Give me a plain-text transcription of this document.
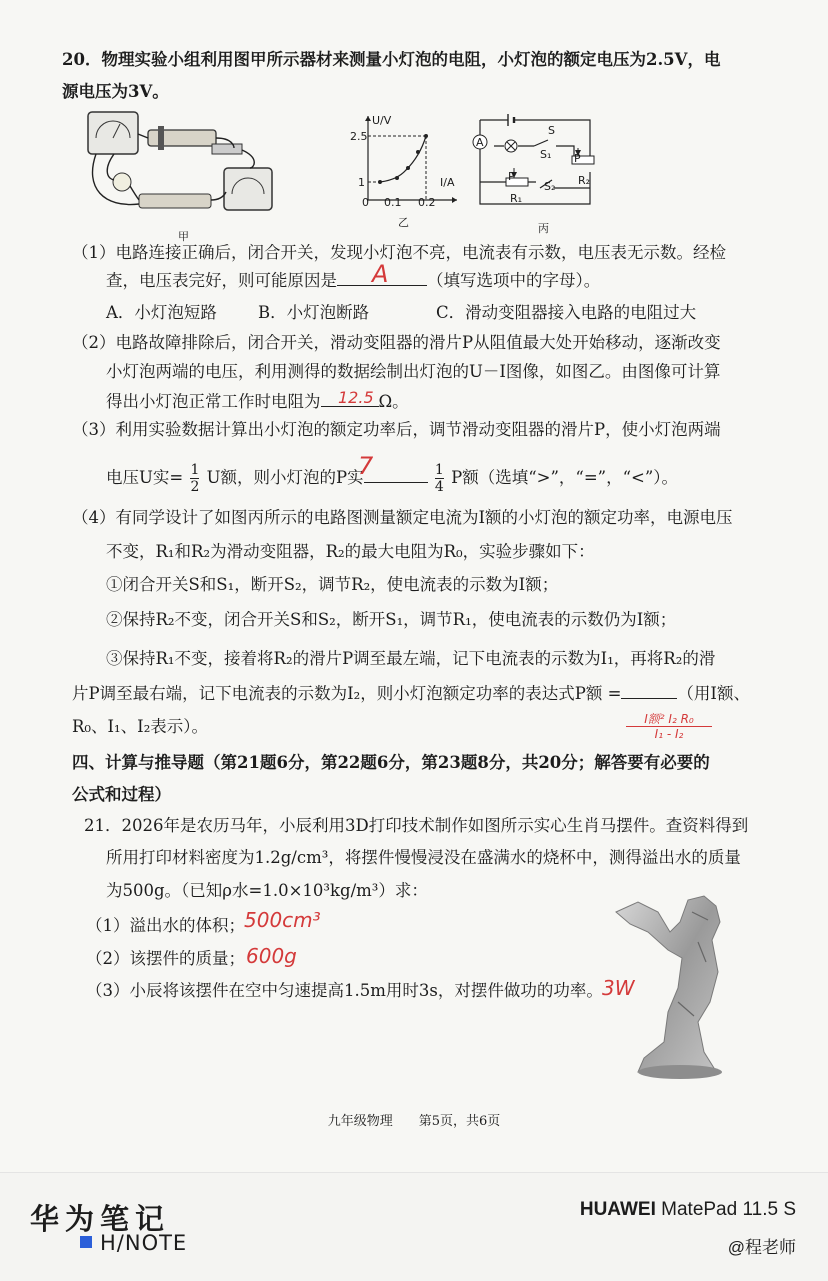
20．物理实验小组利用图甲所示器材来测量小灯泡的电阻，小灯泡的额定电压为2.5V，电
源电压为3V。
甲
U/V
I/A
2.5
1
0 0.1 0.2
乙
A
S
S₁
S₂
P
P
R₁
R₂
丙
（1）电路连接正确后，闭合开关，发现小灯泡不亮，电流表有示数，电压表无示数。经检
查，电压表完好，则可能原因是	（填写选项中的字母）。
A
A．小灯泡短路 B．小灯泡断路	C．滑动变阻器接入电路的电阻过大
（2）电路故障排除后，闭合开关，滑动变阻器的滑片P从阻值最大处开始移动，逐渐改变
小灯泡两端的电压，利用测得的数据绘制出灯泡的U－I图像，如图乙。由图像可计算
得出小灯泡正常工作时电阻为	Ω。
12.5
（3）利用实验数据计算出小灯泡的额定功率后，调节滑动变阻器的滑片P，使小灯泡两端
电压U实= $\frac{1}{2}$ U额，则小灯泡的P实	$\frac{1}{4}$ P额（选填“>”，“=”，“<”）。
7
（4）有同学设计了如图丙所示的电路图测量额定电流为I额的小灯泡的额定功率，电源电压
不变，R₁和R₂为滑动变阻器，R₂的最大电阻为R₀，实验步骤如下：
①闭合开关S和S₁，断开S₂，调节R₂，使电流表的示数为I额；
②保持R₂不变，闭合开关S和S₂，断开S₁，调节R₁，使电流表的示数仍为I额；
③保持R₁不变，接着将R₂的滑片P调至最左端，记下电流表的示数为I₁，再将R₂的滑
片P调至最右端，记下电流表的示数为I₂，则小灯泡额定功率的表达式P额 =	（用I额、
R₀、I₁、I₂表示）。	I额² I₂ R₀
I₁ - I₂
四、计算与推导题（第21题6分，第22题6分，第23题8分，共20分；解答要有必要的
公式和过程）
21．2026年是农历马年，小辰利用3D打印技术制作如图所示实心生肖马摆件。查资料得到
所用打印材料密度为1.2g/cm³，将摆件慢慢浸没在盛满水的烧杯中，测得溢出水的质量
为500g。（已知ρ水=1.0×10³kg/m³）求：
（1）溢出水的体积； 500cm³
（2）该摆件的质量； 600g
（3）小辰将该摆件在空中匀速提高1.5m用时3s，对摆件做功的功率。 3W
九年级物理　　第5页，共6页
华为笔记
H/NOTE
HUAWEI MatePad 11.5 S
@程老师
